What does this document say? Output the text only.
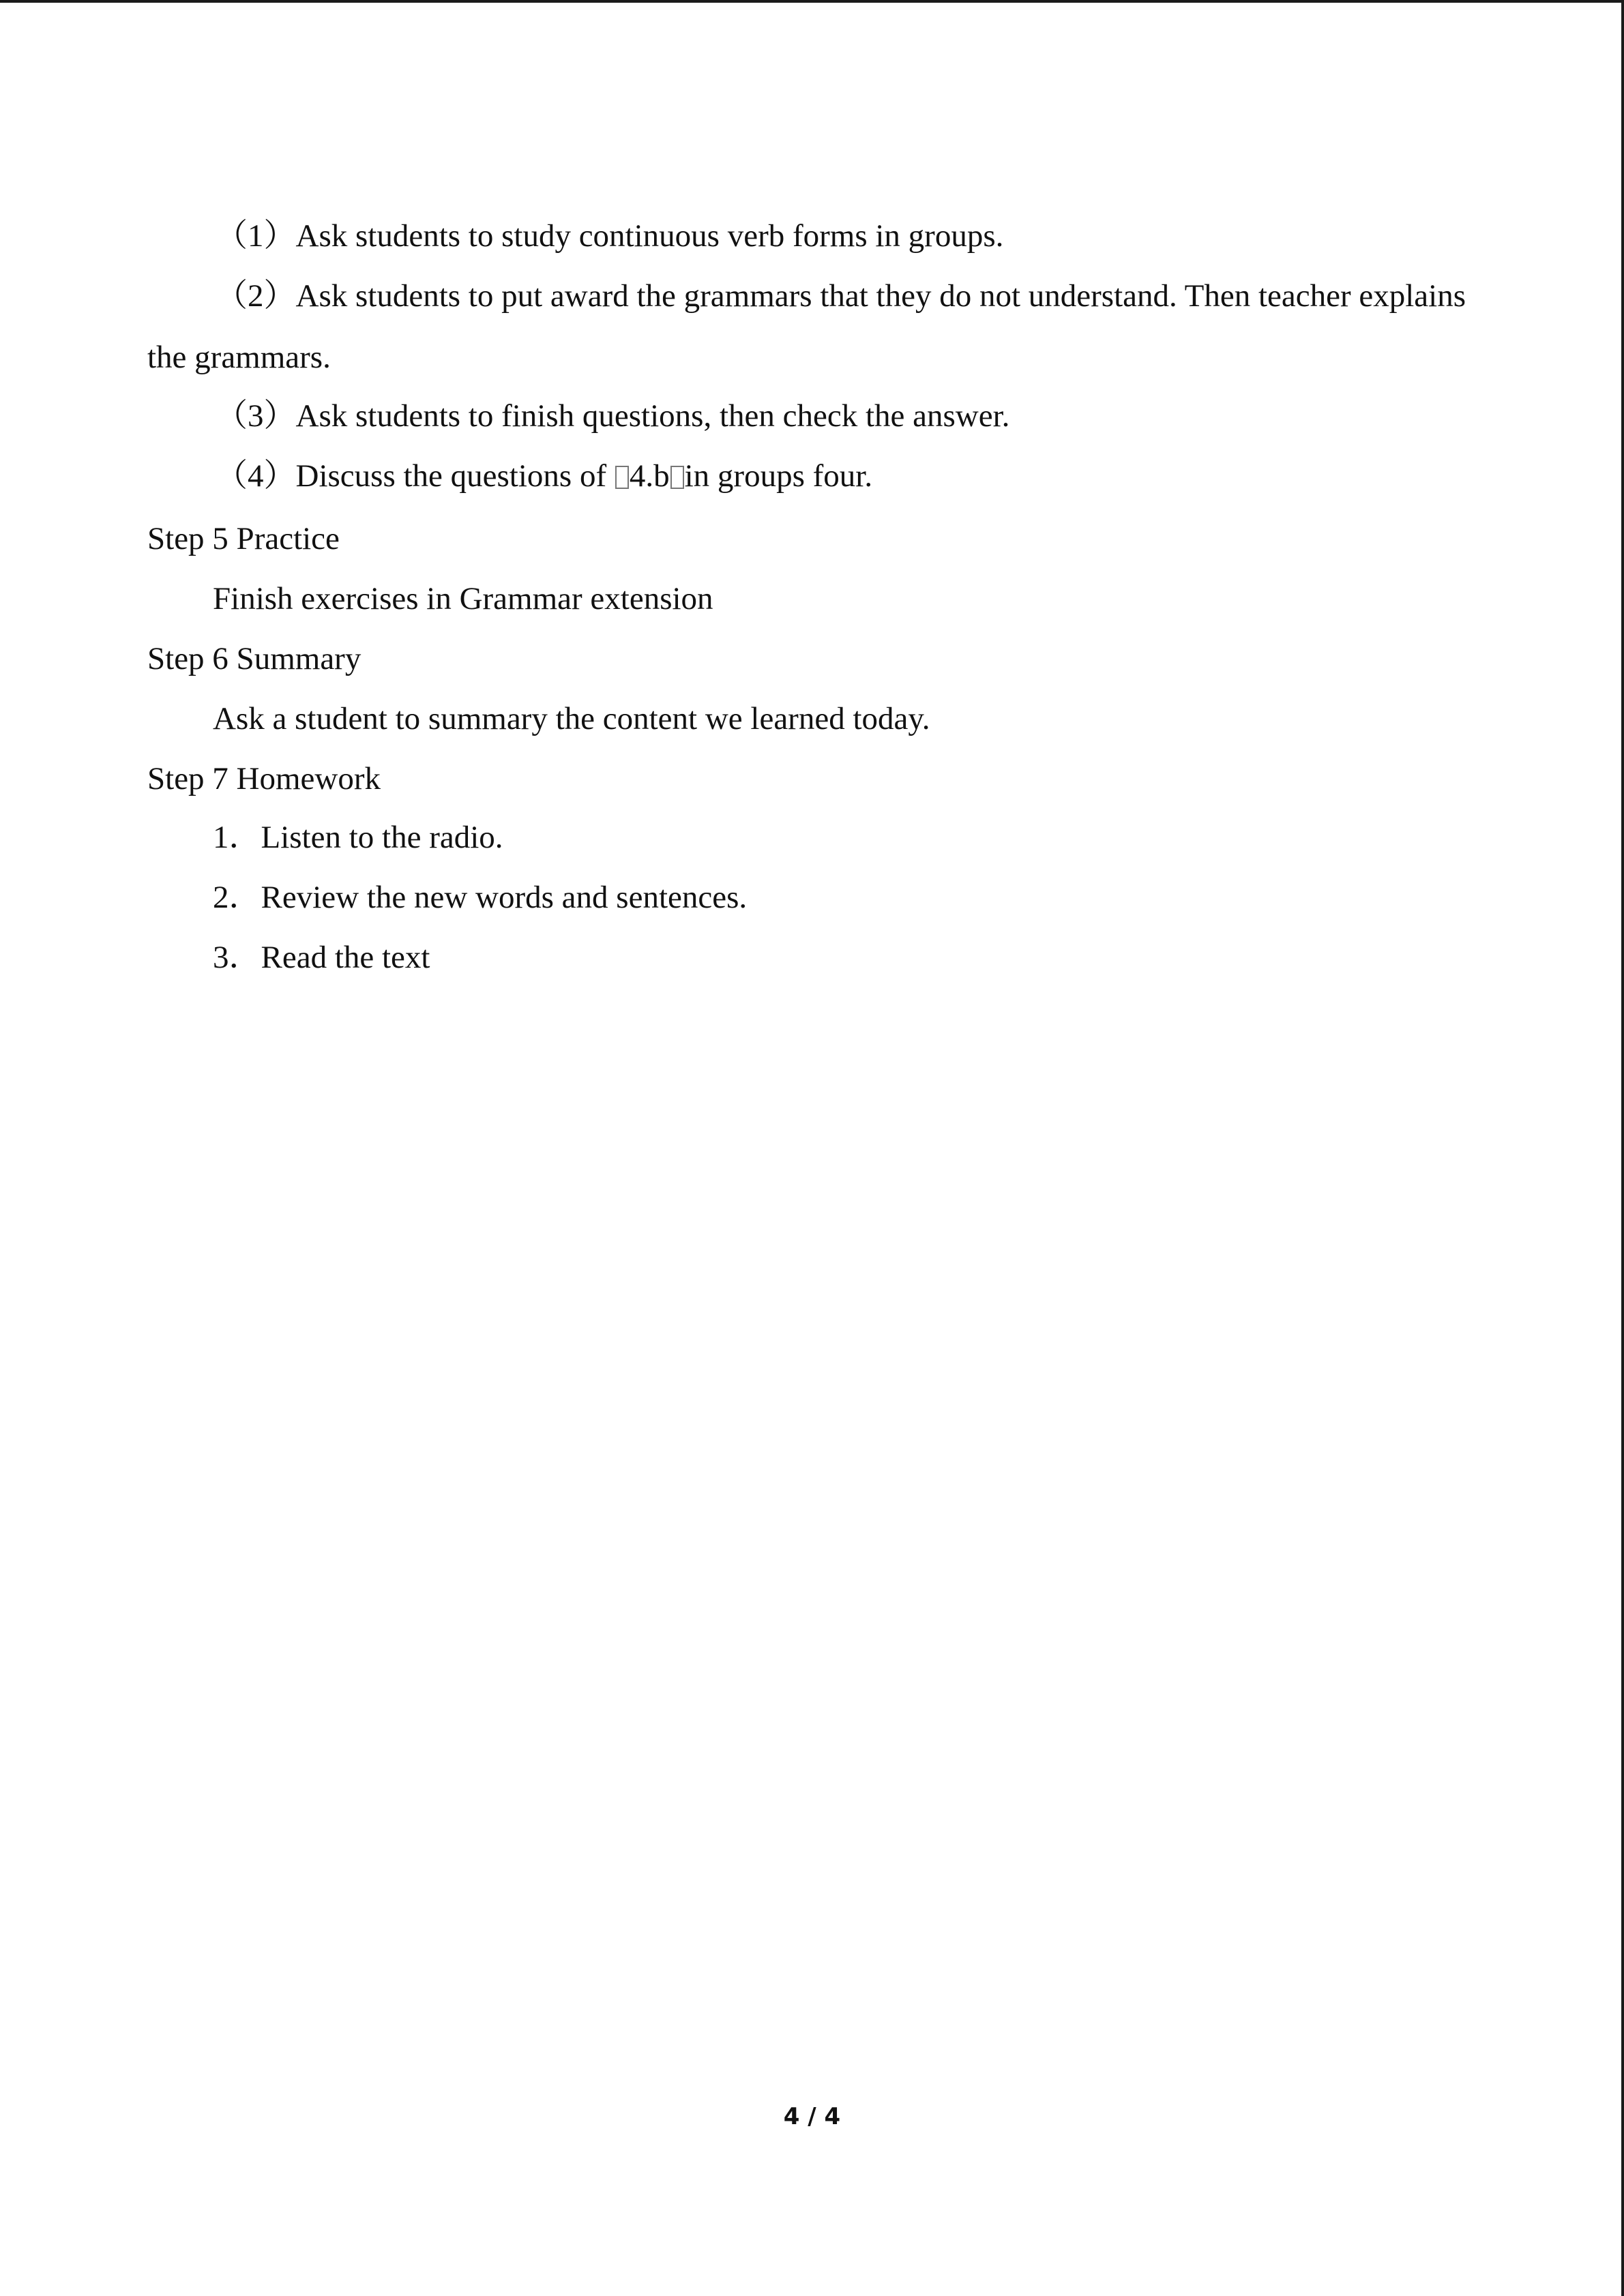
（1）Ask students to study continuous verb forms in groups.
（2）Ask students to put award the grammars that they do not understand. Then teacher explains
the grammars.
（3）Ask students to finish questions, then check the answer.
（4）Discuss the questions of 4.b in groups four.
Step 5 Practice
Finish exercises in Grammar extension
Step 6 Summary
Ask a student to summary the content we learned today.
Step 7 Homework
1．Listen to the radio.
2．Review the new words and sentences.
3．Read the text
4 / 4
